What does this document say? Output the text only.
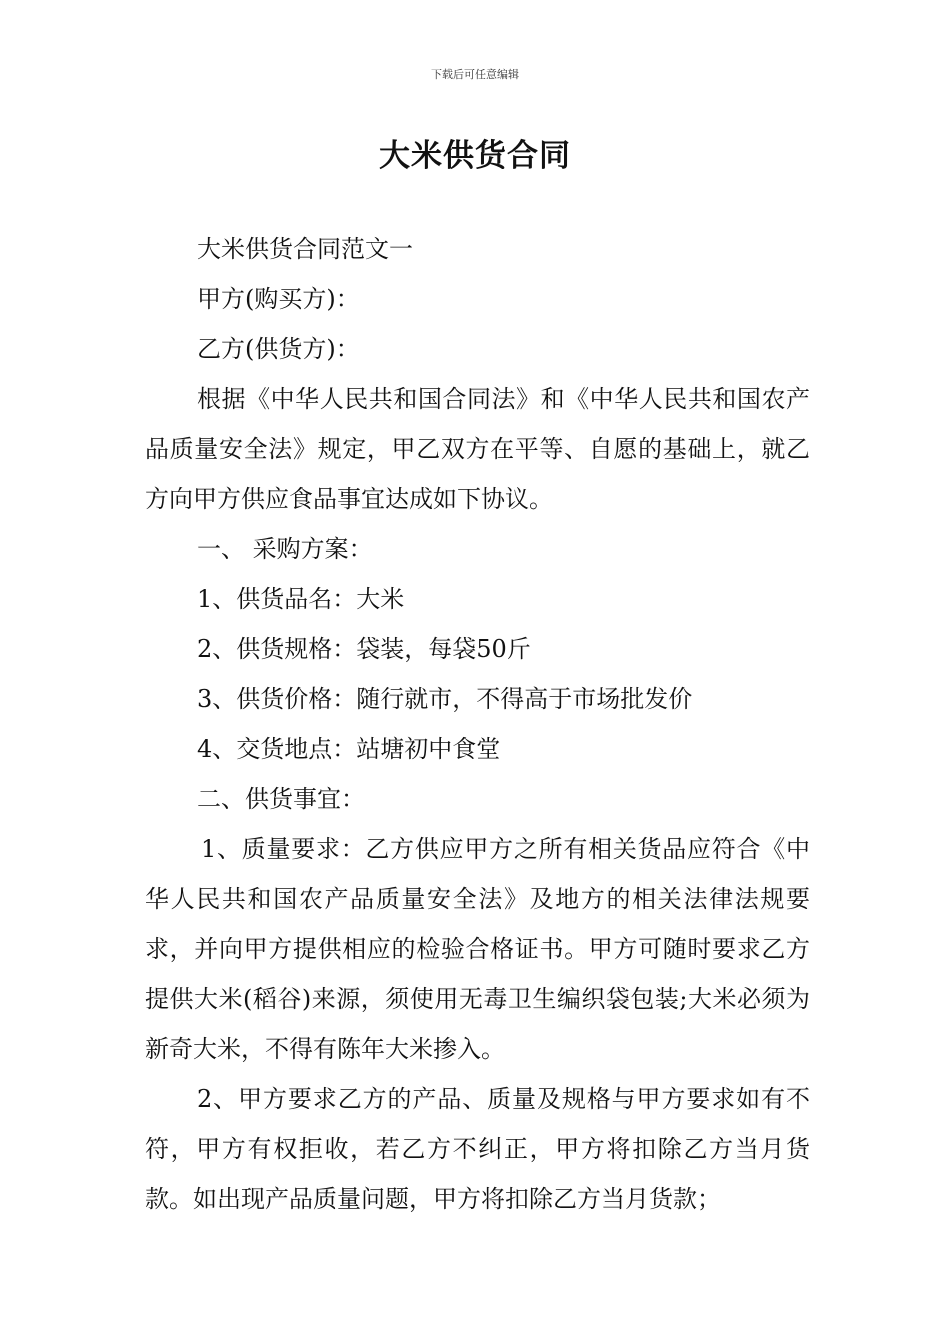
下载后可任意编辑
大米供货合同

大米供货合同范文一

甲方(购买方)：

乙方(供货方)：

根据《中华人民共和国合同法》和《中华人民共和国农产品质量安全法》规定，甲乙双方在平等、自愿的基础上，就乙方向甲方供应食品事宜达成如下协议。

一、 采购方案：

1、供货品名：大米

2、供货规格：袋装，每袋50斤

3、供货价格：随行就市，不得高于市场批发价

4、交货地点：站塘初中食堂

二、供货事宜：

1、质量要求：乙方供应甲方之所有相关货品应符合《中华人民共和国农产品质量安全法》及地方的相关法律法规要求，并向甲方提供相应的检验合格证书。甲方可随时要求乙方提供大米(稻谷)来源，须使用无毒卫生编织袋包装;大米必须为新奇大米，不得有陈年大米掺入。

2、甲方要求乙方的产品、质量及规格与甲方要求如有不符，甲方有权拒收，若乙方不纠正，甲方将扣除乙方当月货款。如出现产品质量问题，甲方将扣除乙方当月货款；
